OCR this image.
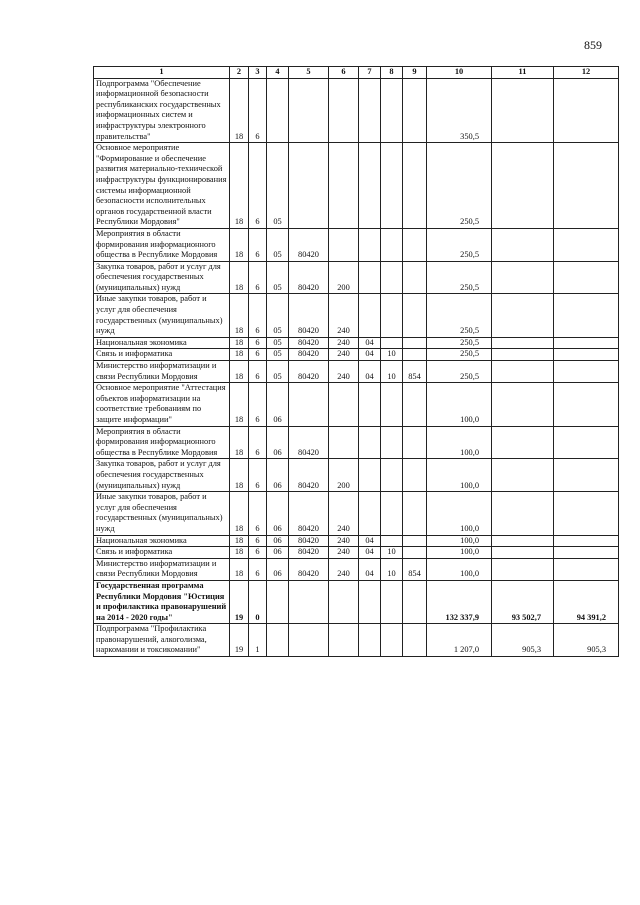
859
1	2	3	4	5	6	7	8	9	10	11	12
Подпрограмма "Обеспечение информационной безопасности республиканских государственных информационных систем и инфраструктуры электронного правительства"	18	6							350,5		
Основное мероприятие "Формирование и обеспечение развития материально-технической инфраструктуры функционирования системы информационной безопасности исполнительных органов государственной власти Республики Мордовия"	18	6	05						250,5		
Мероприятия в области формирования информационного общества в Республике Мордовия	18	6	05	80420					250,5		
Закупка товаров, работ и услуг для обеспечения государственных (муниципальных) нужд	18	6	05	80420	200				250,5		
Иные закупки товаров, работ и услуг для обеспечения государственных (муниципальных) нужд	18	6	05	80420	240				250,5		
Национальная экономика	18	6	05	80420	240	04			250,5		
Связь и информатика	18	6	05	80420	240	04	10		250,5		
Министерство информатизации и связи Республики Мордовия	18	6	05	80420	240	04	10	854	250,5		
Основное мероприятие "Аттестация объектов информатизации на соответствие требованиям по защите информации"	18	6	06						100,0		
Мероприятия в области формирования информационного общества в Республике Мордовия	18	6	06	80420					100,0		
Закупка товаров, работ и услуг для обеспечения государственных (муниципальных) нужд	18	6	06	80420	200				100,0		
Иные закупки товаров, работ и услуг для обеспечения государственных (муниципальных) нужд	18	6	06	80420	240				100,0		
Национальная экономика	18	6	06	80420	240	04			100,0		
Связь и информатика	18	6	06	80420	240	04	10		100,0		
Министерство информатизации и связи Республики Мордовия	18	6	06	80420	240	04	10	854	100,0		
Государственная программа Республики Мордовия "Юстиция и профилактика правонарушений на 2014 - 2020 годы"	19	0							132 337,9	93 502,7	94 391,2
Подпрограмма "Профилактика правонарушений, алкоголизма, наркомании и токсикомании"	19	1							1 207,0	905,3	905,3
